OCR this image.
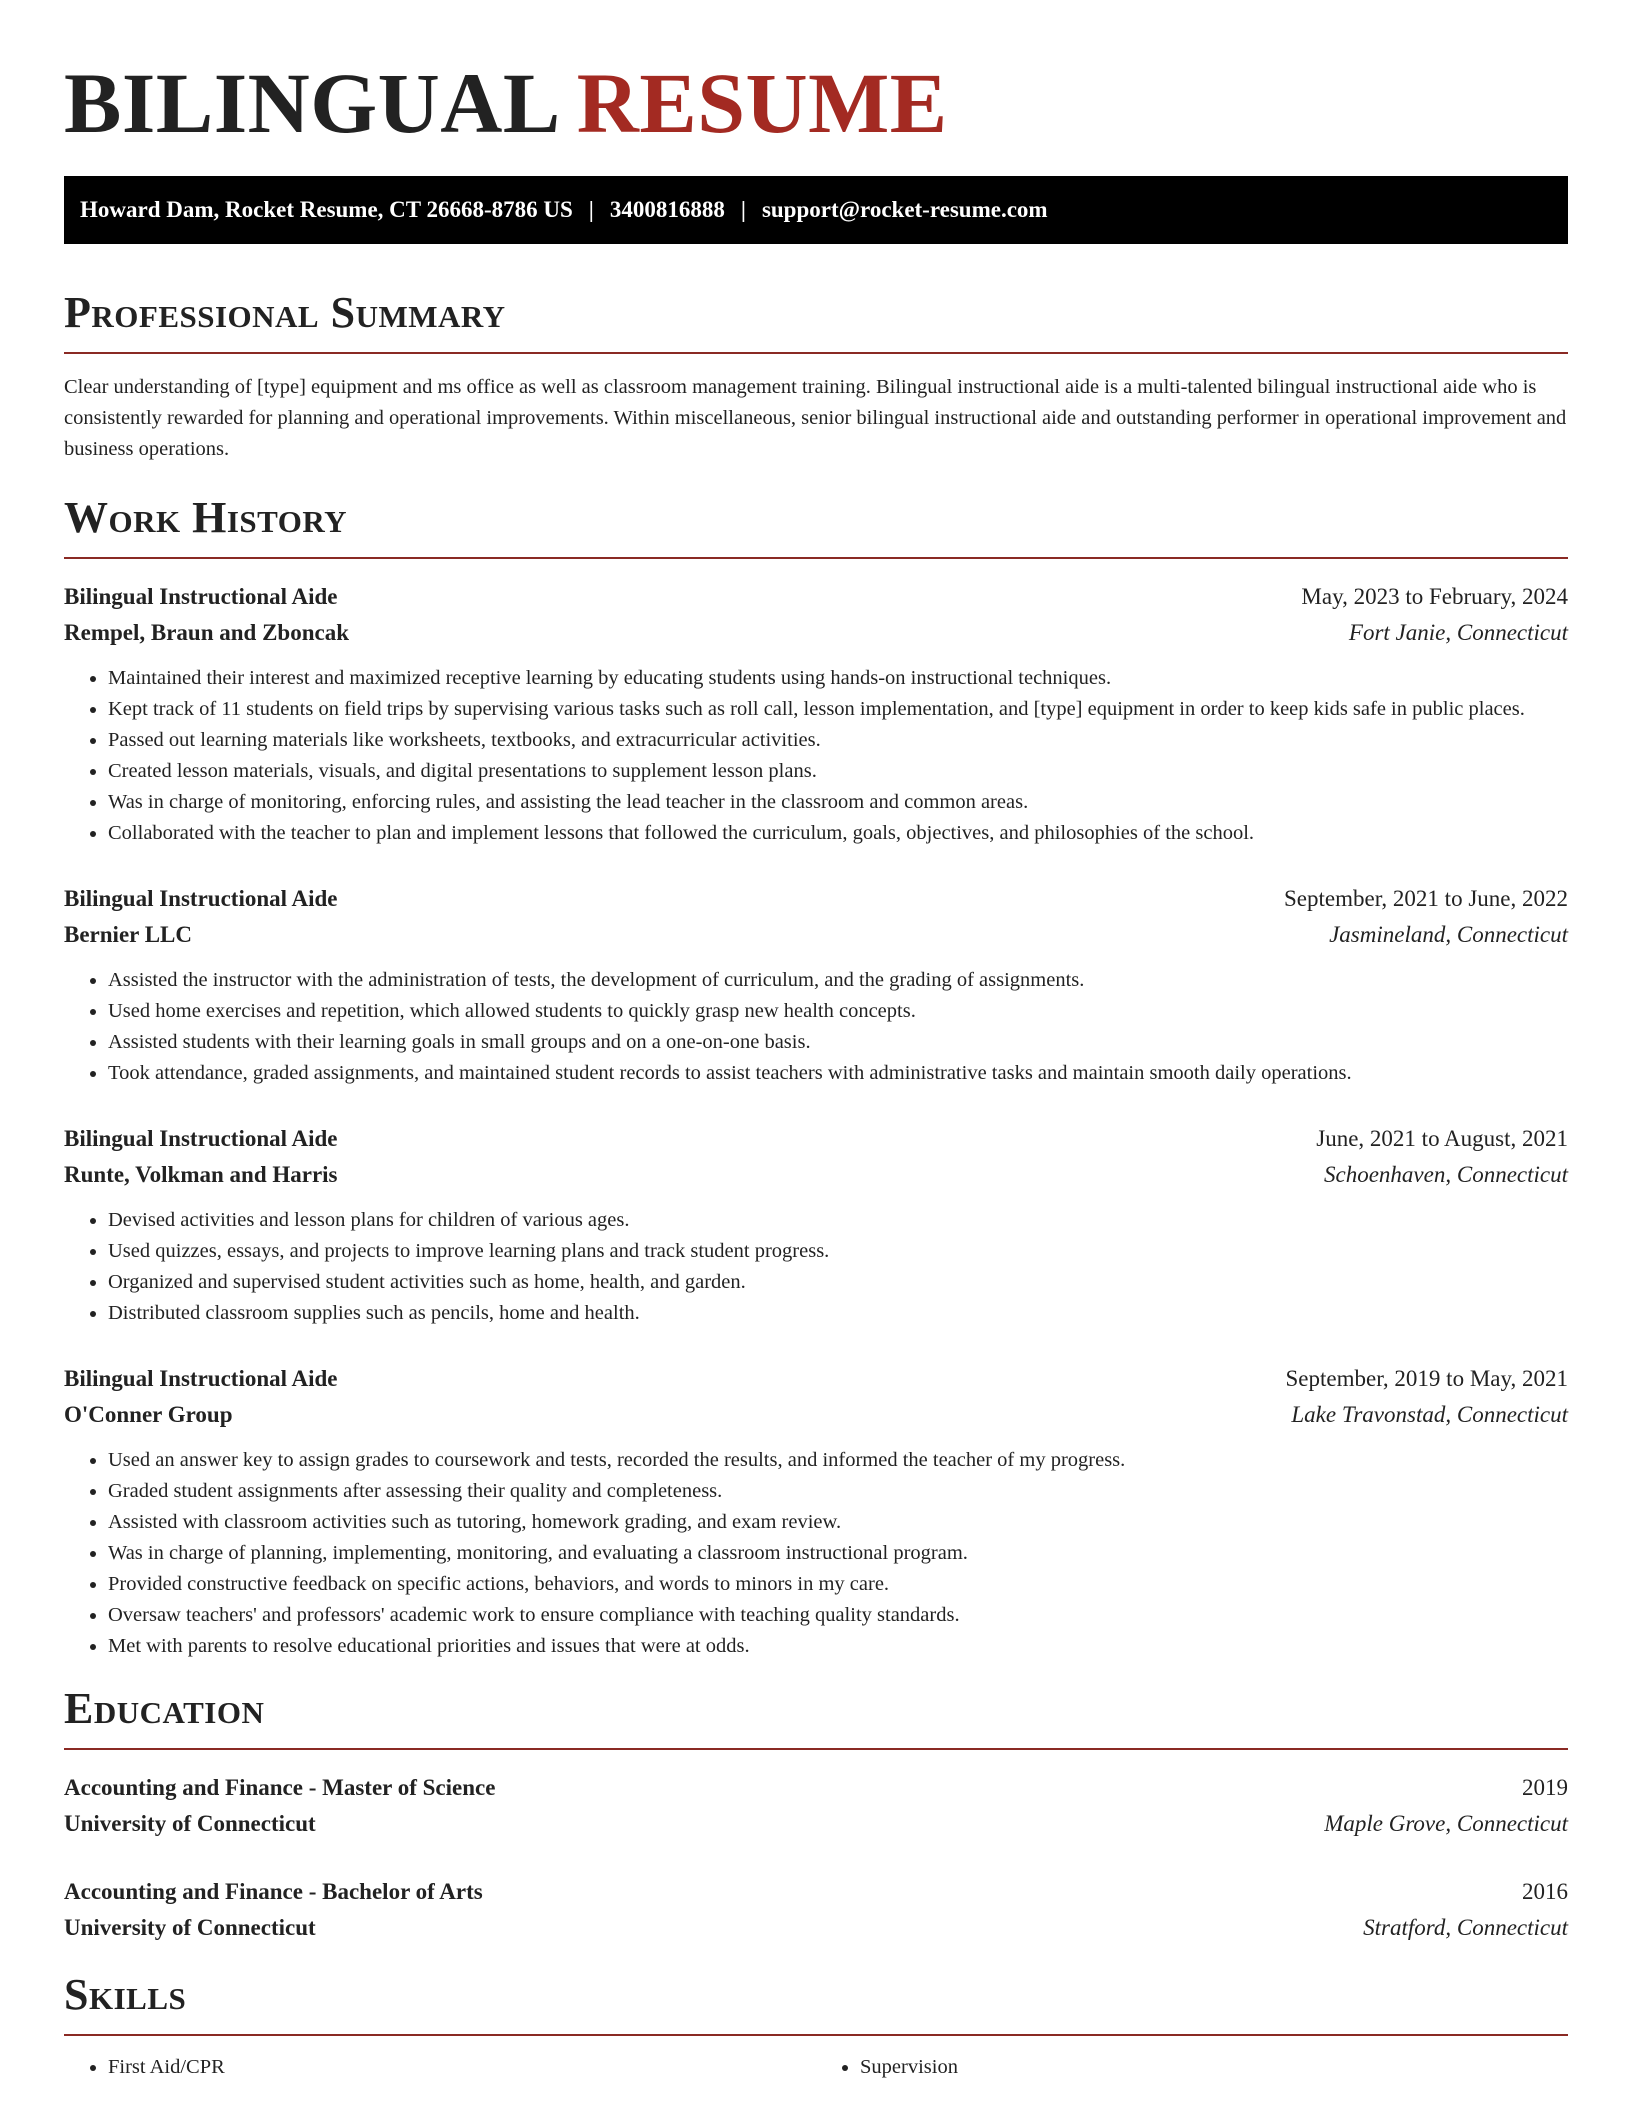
BILINGUAL RESUME
Howard Dam, Rocket Resume, CT 26668-8786 US | 3400816888 | support@rocket-resume.com
Professional Summary

Clear understanding of [type] equipment and ms office as well as classroom management training. Bilingual instructional aide is a multi-talented bilingual instructional aide who is consistently rewarded for planning and operational improvements. Within miscellaneous, senior bilingual instructional aide and outstanding performer in operational improvement and business operations.

Work History
Bilingual Instructional Aide	May, 2023 to February, 2024
Rempel, Braun and Zboncak	Fort Janie, Connecticut
• Maintained their interest and maximized receptive learning by educating students using hands-on instructional techniques.
• Kept track of 11 students on field trips by supervising various tasks such as roll call, lesson implementation, and [type] equipment in order to keep kids safe in public places.
• Passed out learning materials like worksheets, textbooks, and extracurricular activities.
• Created lesson materials, visuals, and digital presentations to supplement lesson plans.
• Was in charge of monitoring, enforcing rules, and assisting the lead teacher in the classroom and common areas.
• Collaborated with the teacher to plan and implement lessons that followed the curriculum, goals, objectives, and philosophies of the school.
Bilingual Instructional Aide	September, 2021 to June, 2022
Bernier LLC	Jasmineland, Connecticut
• Assisted the instructor with the administration of tests, the development of curriculum, and the grading of assignments.
• Used home exercises and repetition, which allowed students to quickly grasp new health concepts.
• Assisted students with their learning goals in small groups and on a one-on-one basis.
• Took attendance, graded assignments, and maintained student records to assist teachers with administrative tasks and maintain smooth daily operations.
Bilingual Instructional Aide	June, 2021 to August, 2021
Runte, Volkman and Harris	Schoenhaven, Connecticut
• Devised activities and lesson plans for children of various ages.
• Used quizzes, essays, and projects to improve learning plans and track student progress.
• Organized and supervised student activities such as home, health, and garden.
• Distributed classroom supplies such as pencils, home and health.
Bilingual Instructional Aide	September, 2019 to May, 2021
O'Conner Group	Lake Travonstad, Connecticut
• Used an answer key to assign grades to coursework and tests, recorded the results, and informed the teacher of my progress.
• Graded student assignments after assessing their quality and completeness.
• Assisted with classroom activities such as tutoring, homework grading, and exam review.
• Was in charge of planning, implementing, monitoring, and evaluating a classroom instructional program.
• Provided constructive feedback on specific actions, behaviors, and words to minors in my care.
• Oversaw teachers' and professors' academic work to ensure compliance with teaching quality standards.
• Met with parents to resolve educational priorities and issues that were at odds.
Education
Accounting and Finance - Master of Science	2019
University of Connecticut	Maple Grove, Connecticut
Accounting and Finance - Bachelor of Arts	2016
University of Connecticut	Stratford, Connecticut
Skills
• First Aid/CPR
•	Supervision
